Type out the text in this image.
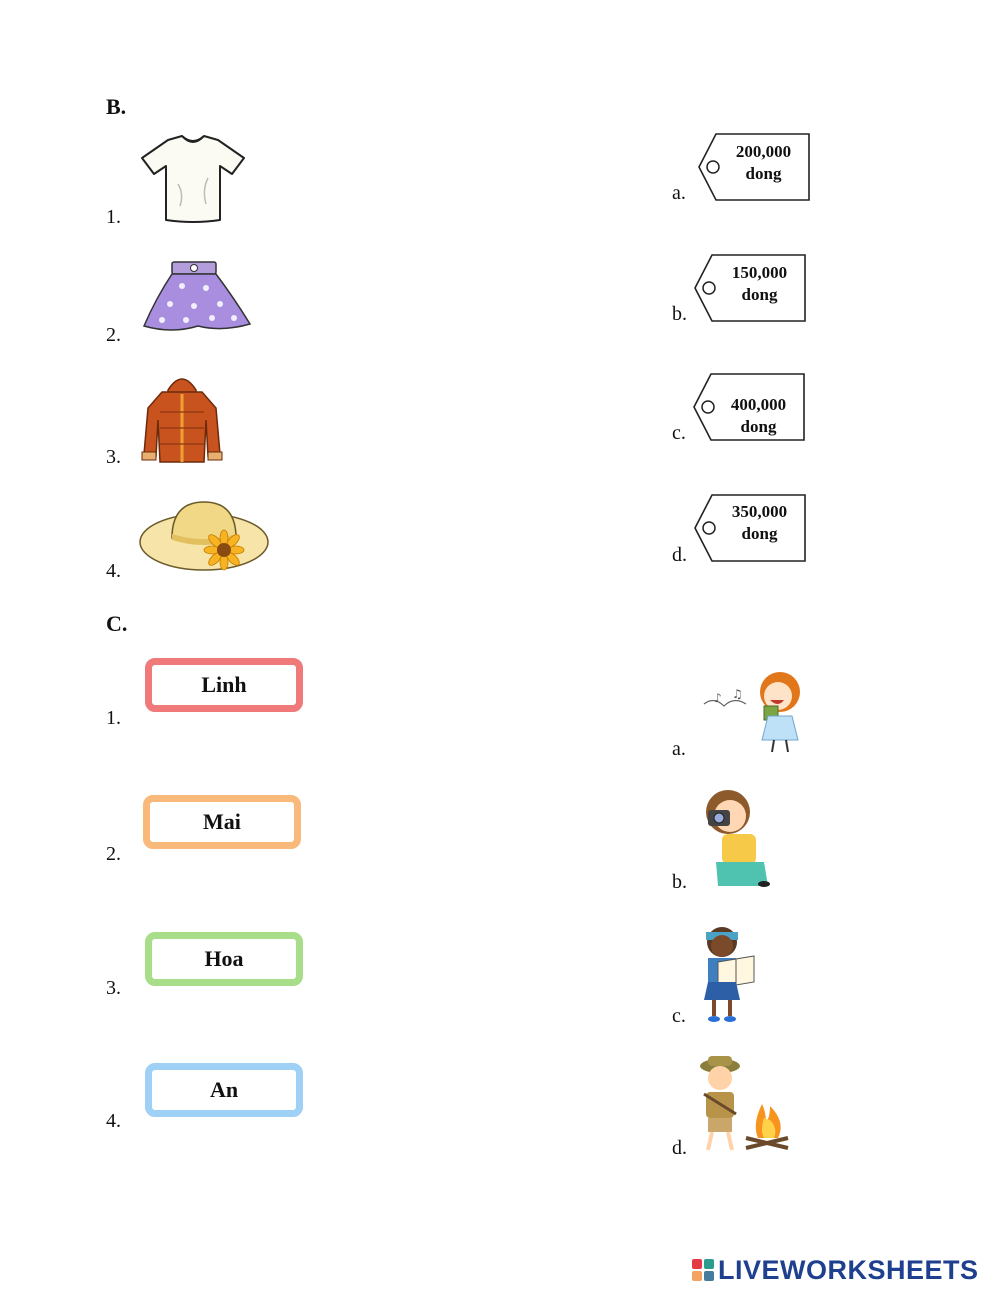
B.
1.
2.
3.
4.
a.
200,000
dong
b.
150,000
dong
c.
400,000
dong
d.
350,000
dong
C.
1.
Linh
2.
Mai
3.
Hoa
4.
An
a.
♪ ♫
b.
c.
d.
LIVEWORKSHEETS
